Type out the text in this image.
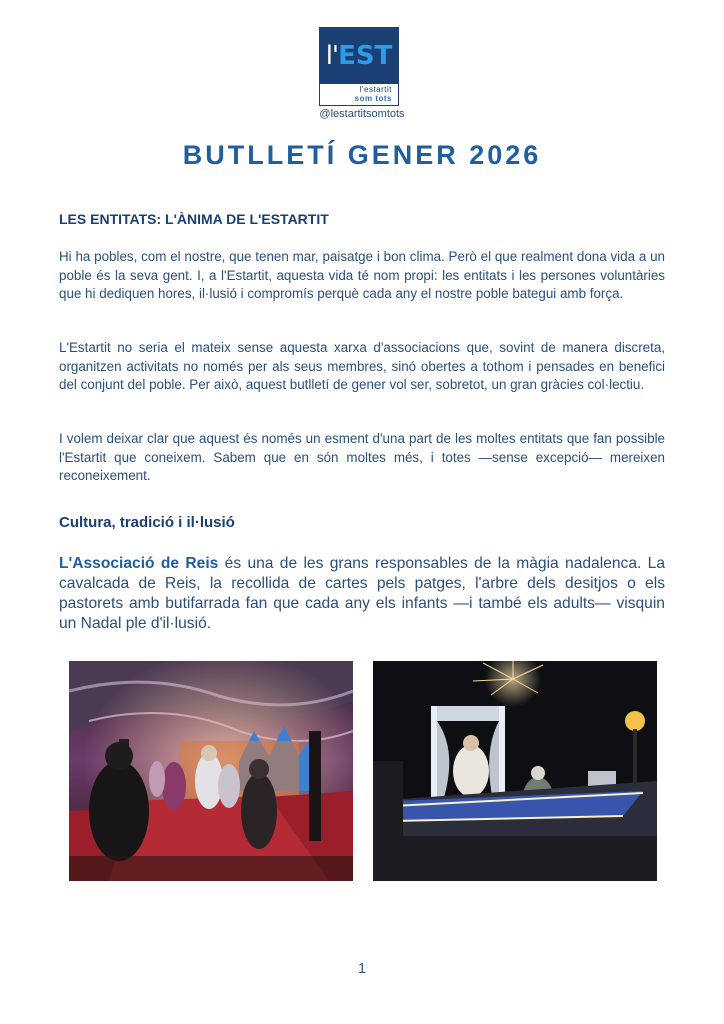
l' EST
l'estartit
som tots
@lestartitsomtots
BUTLLETÍ GENER 2026
LES ENTITATS: L'ÀNIMA DE L'ESTARTIT
Hi ha pobles, com el nostre, que tenen mar, paisatge i bon clima. Però el que realment dona vida a un poble és la seva gent. I, a l'Estartit, aquesta vida té nom propi: les entitats i les persones voluntàries que hi dediquen hores, il·lusió i compromís perquè cada any el nostre poble bategui amb força.
L'Estartit no seria el mateix sense aquesta xarxa d'associacions que, sovint de manera discreta, organitzen activitats no només per als seus membres, sinó obertes a tothom i pensades en benefici del conjunt del poble. Per això, aquest butlletí de gener vol ser, sobretot, un gran gràcies col·lectiu.
I volem deixar clar que aquest és només un esment d'una part de les moltes entitats que fan possible l'Estartit que coneixem. Sabem que en són moltes més, i totes —sense excepció— mereixen reconeixement.
Cultura, tradició i il·lusió
L'Associació de Reis és una de les grans responsables de la màgia nadalenca. La cavalcada de Reis, la recollida de cartes pels patges, l'arbre dels desitjos o els pastorets amb butifarrada fan que cada any els infants —i també els adults— visquin un Nadal ple d'il·lusió.
1
